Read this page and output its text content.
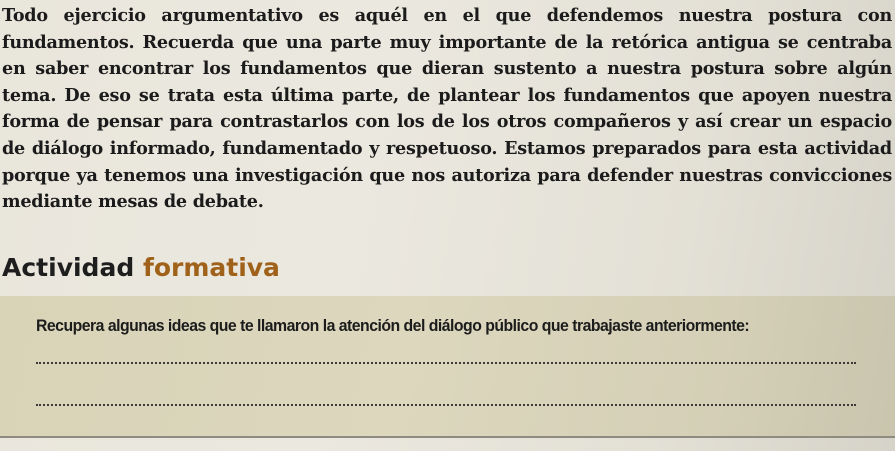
Todo ejercicio argumentativo es aquél en el que defendemos nuestra postura con fundamentos. Recuerda que una parte muy importante de la retórica antigua se centraba en saber encontrar los fundamentos que dieran sustento a nuestra postura sobre algún tema. De eso se trata esta última parte, de plantear los fundamentos que apoyen nuestra forma de pensar para contrastarlos con los de los otros compañeros y así crear un espacio de diálogo informado, fundamentado y respetuoso. Estamos preparados para esta actividad porque ya tenemos una investigación que nos autoriza para defender nuestras convicciones mediante mesas de debate.

Actividad formativa

Recupera algunas ideas que te llamaron la atención del diálogo público que trabajaste anteriormente:
